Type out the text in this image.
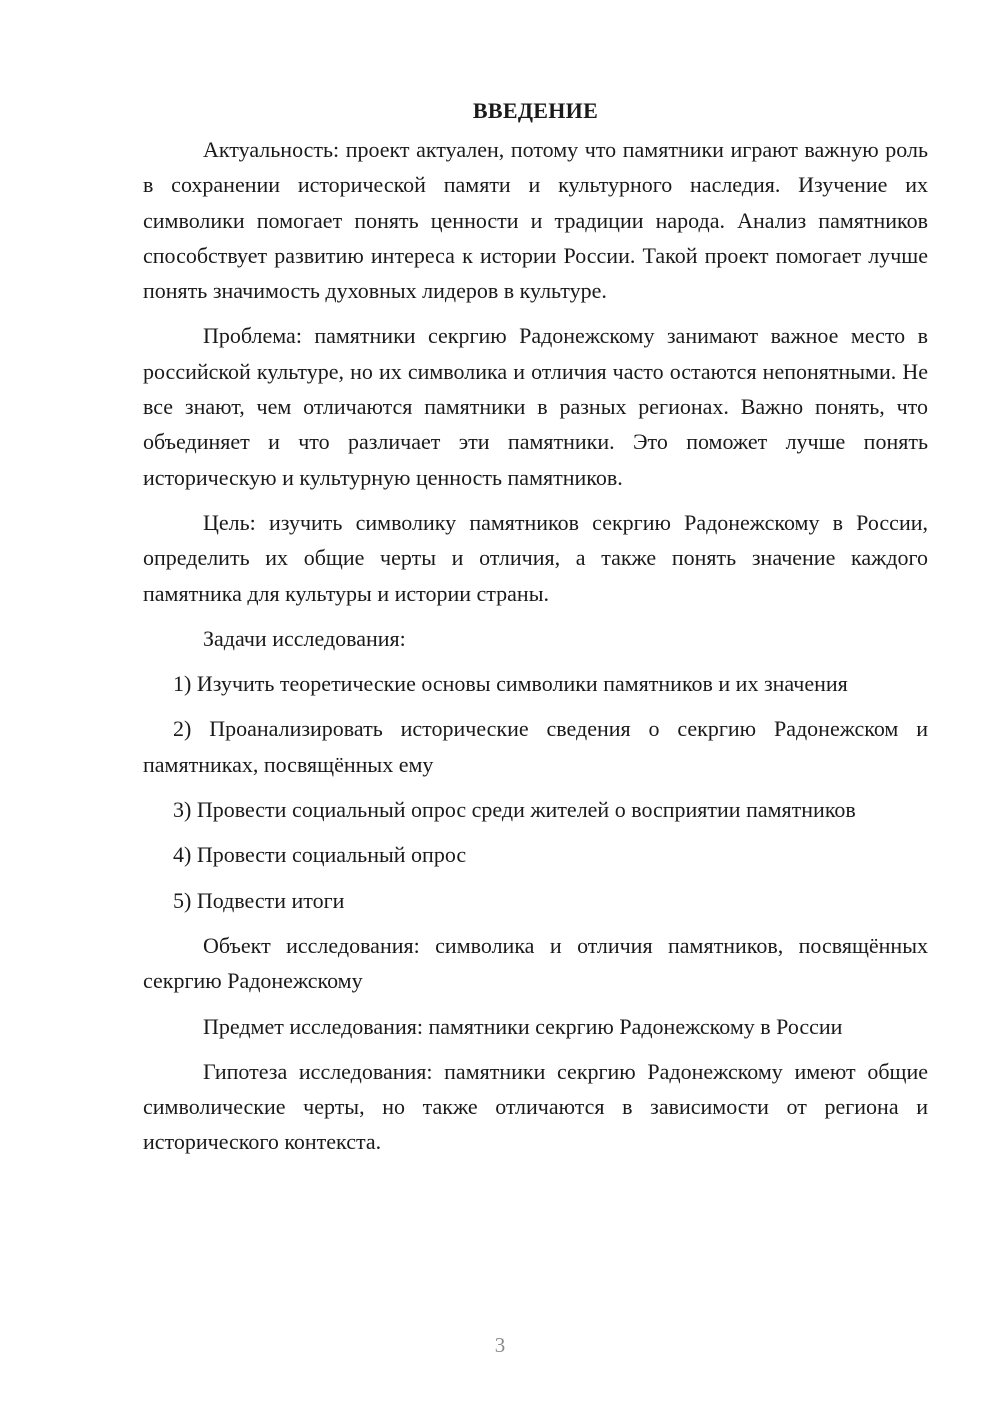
ВВЕДЕНИЕ

Актуальность: проект актуален, потому что памятники играют важную роль в сохранении исторической памяти и культурного наследия. Изучение их символики помогает понять ценности и традиции народа. Анализ памятников способствует развитию интереса к истории России. Такой проект помогает лучше понять значимость духовных лидеров в культуре.

Проблема: памятники секргию Радонежскому занимают важное место в российской культуре, но их символика и отличия часто остаются непонятными. Не все знают, чем отличаются памятники в разных регионах. Важно понять, что объединяет и что различает эти памятники. Это поможет лучше понять историческую и культурную ценность памятников.

Цель: изучить символику памятников секргию Радонежскому в России, определить их общие черты и отличия, а также понять значение каждого памятника для культуры и истории страны.

Задачи исследования:

1) Изучить теоретические основы символики памятников и их значения

2) Проанализировать исторические сведения о секргию Радонежском и памятниках, посвящённых ему

3) Провести социальный опрос среди жителей о восприятии памятников

4) Провести социальный опрос

5) Подвести итоги

Объект исследования: символика и отличия памятников, посвящённых секргию Радонежскому

Предмет исследования: памятники секргию Радонежскому в России

Гипотеза исследования: памятники секргию Радонежскому имеют общие символические черты, но также отличаются в зависимости от региона и исторического контекста.

3
